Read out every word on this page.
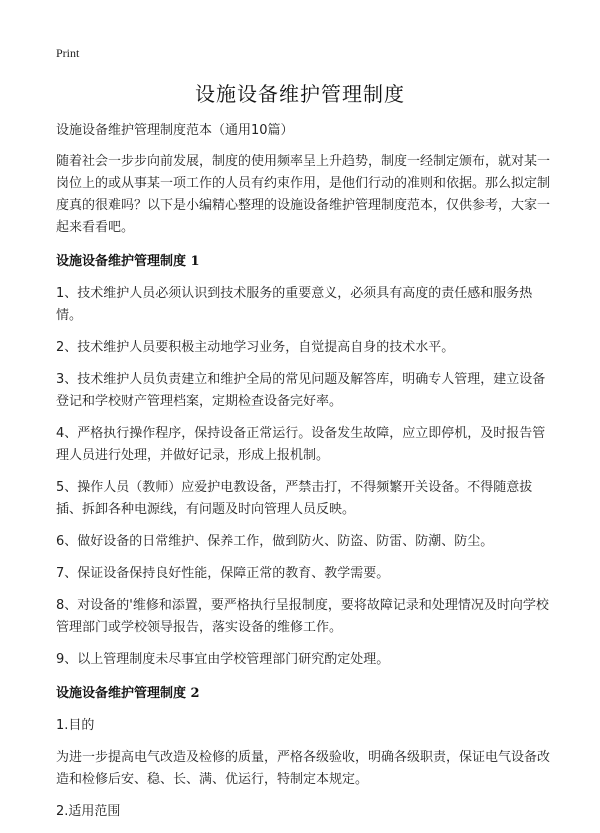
Print
设施设备维护管理制度

设施设备维护管理制度范本（通用10篇）

随着社会一步步向前发展，制度的使用频率呈上升趋势，制度一经制定颁布，就对某一岗位上的或从事某一项工作的人员有约束作用，是他们行动的准则和依据。那么拟定制度真的很难吗？以下是小编精心整理的设施设备维护管理制度范本，仅供参考，大家一起来看看吧。

设施设备维护管理制度 1

1、技术维护人员必须认识到技术服务的重要意义，必须具有高度的责任感和服务热情。

2、技术维护人员要积极主动地学习业务，自觉提高自身的技术水平。

3、技术维护人员负责建立和维护全局的常见问题及解答库，明确专人管理，建立设备登记和学校财产管理档案，定期检查设备完好率。

4、严格执行操作程序，保持设备正常运行。设备发生故障，应立即停机，及时报告管理人员进行处理，并做好记录，形成上报机制。

5、操作人员（教师）应爱护电教设备，严禁击打，不得频繁开关设备。不得随意拔插、拆卸各种电源线，有问题及时向管理人员反映。

6、做好设备的日常维护、保养工作，做到防火、防盗、防雷、防潮、防尘。

7、保证设备保持良好性能，保障正常的教育、教学需要。

8、对设备的'维修和添置，要严格执行呈报制度，要将故障记录和处理情况及时向学校管理部门或学校领导报告，落实设备的维修工作。

9、以上管理制度未尽事宜由学校管理部门研究酌定处理。

设施设备维护管理制度 2

1.目的

为进一步提高电气改造及检修的质量，严格各级验收，明确各级职责，保证电气设备改造和检修后安、稳、长、满、优运行，特制定本规定。

2.适用范围
